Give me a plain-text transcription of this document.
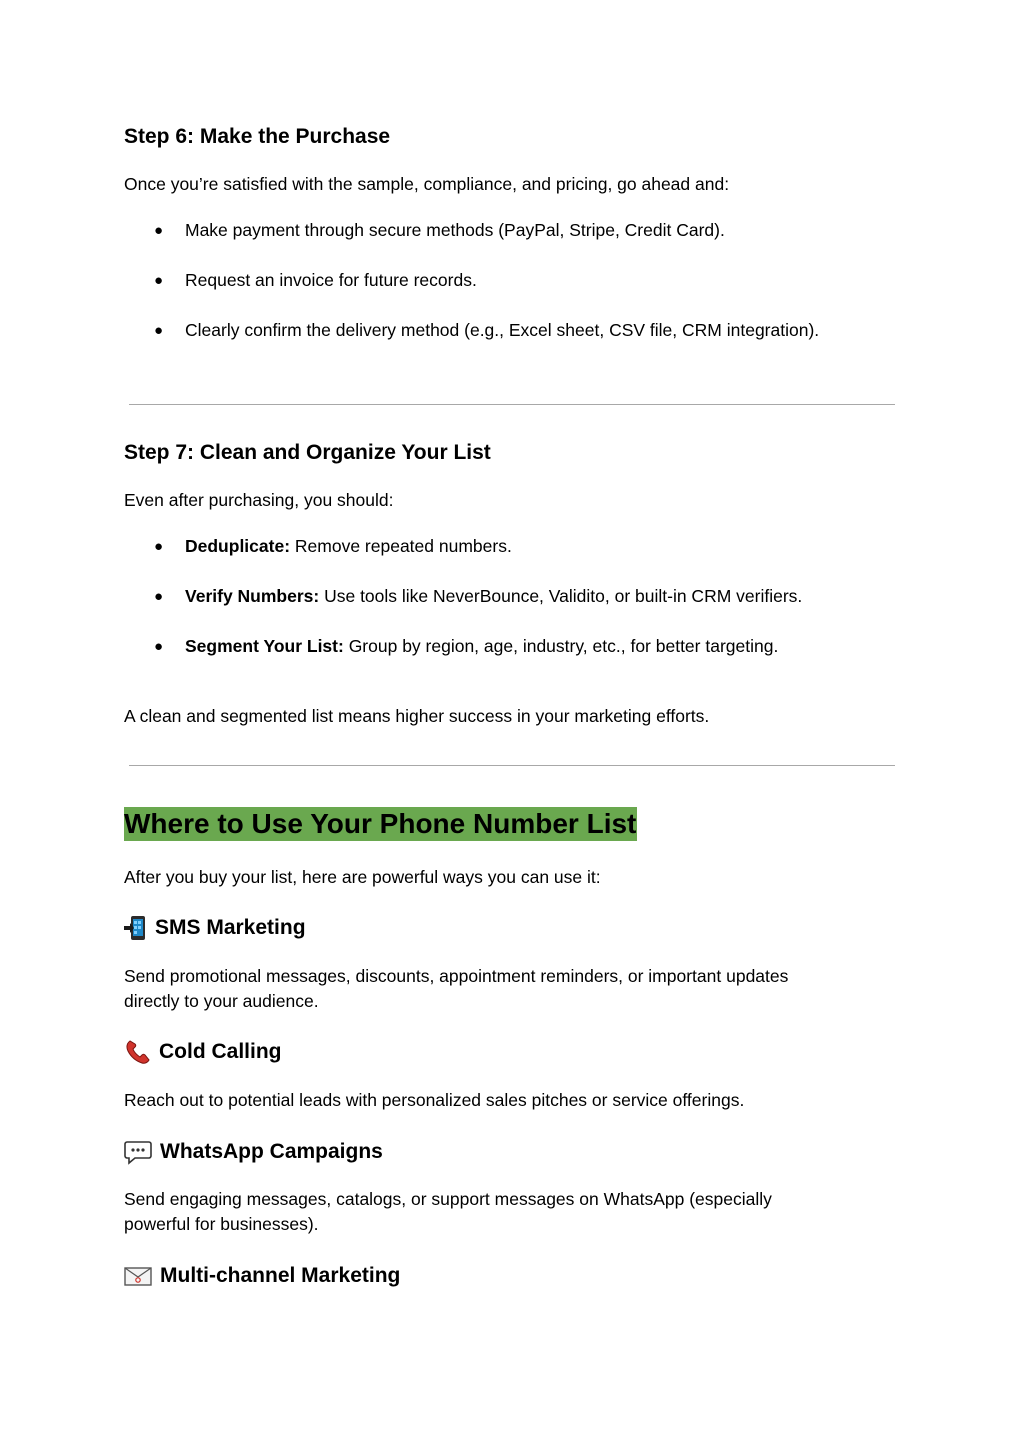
Step 6: Make the Purchase

Once you’re satisfied with the sample, compliance, and pricing, go ahead and:

● Make payment through secure methods (PayPal, Stripe, Credit Card).
● Request an invoice for future records.
● Clearly confirm the delivery method (e.g., Excel sheet, CSV file, CRM integration).
Step 7: Clean and Organize Your List

Even after purchasing, you should:

● Deduplicate: Remove repeated numbers.
● Verify Numbers: Use tools like NeverBounce, Validito, or built-in CRM verifiers.
● Segment Your List: Group by region, age, industry, etc., for better targeting.

A clean and segmented list means higher success in your marketing efforts.

Where to Use Your Phone Number List

After you buy your list, here are powerful ways you can use it:

SMS Marketing

Send promotional messages, discounts, appointment reminders, or important updates

directly to your audience.

Cold Calling

Reach out to potential leads with personalized sales pitches or service offerings.

WhatsApp Campaigns

Send engaging messages, catalogs, or support messages on WhatsApp (especially

powerful for businesses).

Multi-channel Marketing
